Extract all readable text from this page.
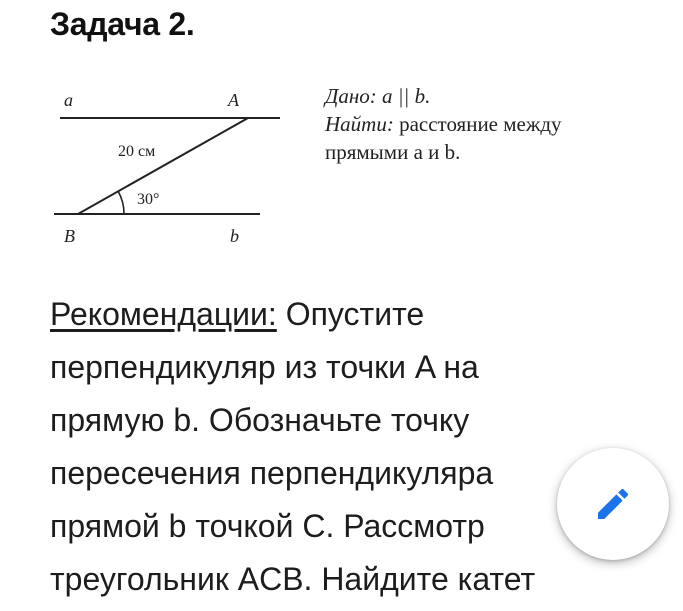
Задача 2.
a	A
B	b
20 см
30°
Дано: a || b.
Найти: расстояние между
прямыми a и b.
Рекомендации: Опустите
перпендикуляр из точки A на
прямую b. Обозначьте точку
пересечения перпендикуляра
прямой b точкой C. Рассмотр
треугольник ACB. Найдите катет
